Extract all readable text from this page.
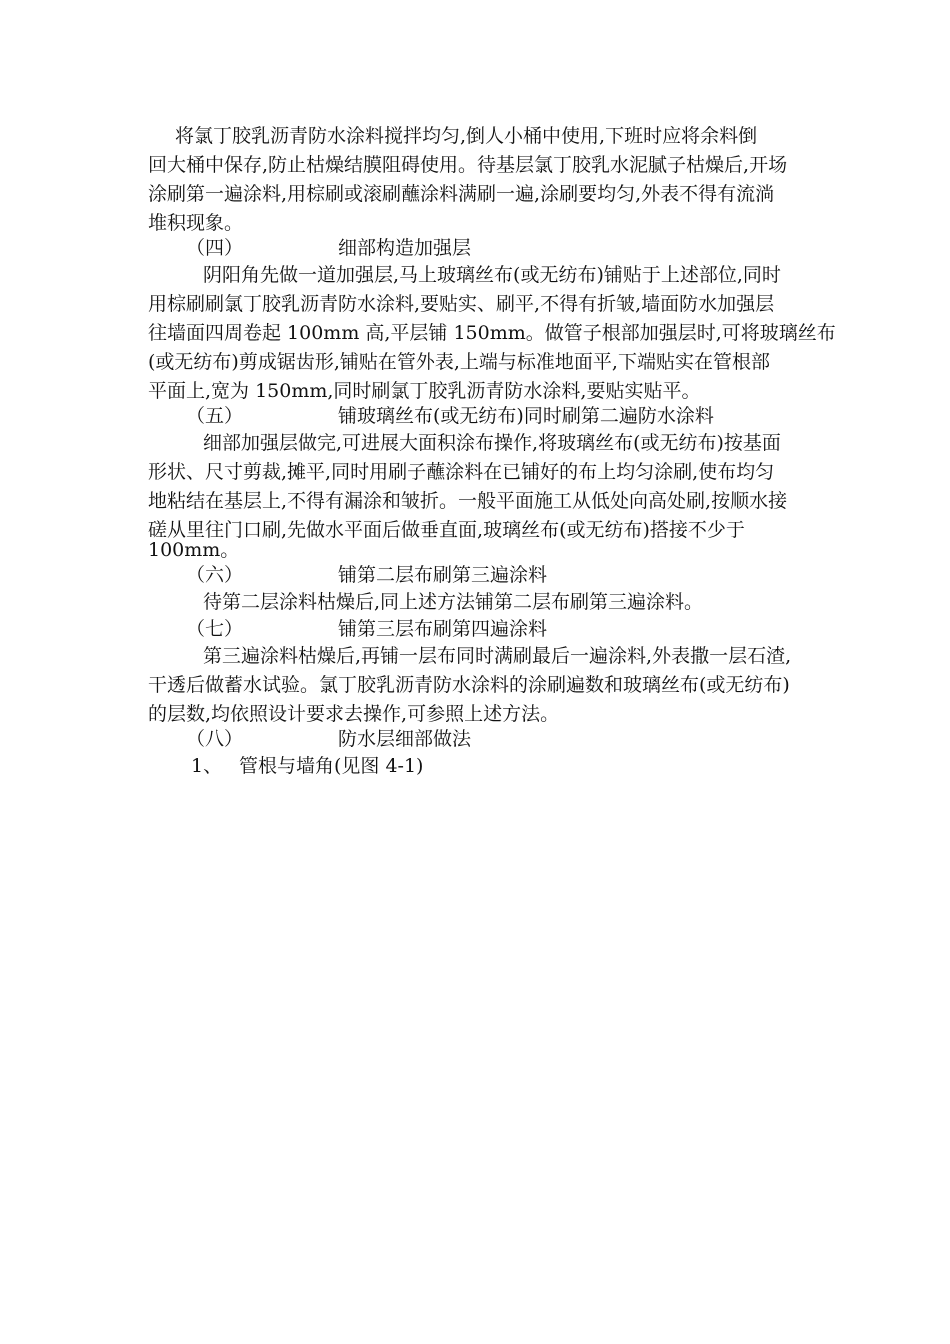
将氯丁胶乳沥青防水涂料搅拌均匀,倒人小桶中使用,下班时应将余料倒
回大桶中保存,防止枯燥结膜阻碍使用。待基层氯丁胶乳水泥腻子枯燥后,开场
涂刷第一遍涂料,用棕刷或滚刷蘸涂料满刷一遍,涂刷要均匀,外表不得有流淌
堆积现象。
（四）	细部构造加强层
阴阳角先做一道加强层,马上玻璃丝布(或无纺布)铺贴于上述部位,同时
用棕刷刷氯丁胶乳沥青防水涂料,要贴实、刷平,不得有折皱,墙面防水加强层
往墙面四周卷起 100mm 高,平层铺 150mm。做管子根部加强层时,可将玻璃丝布
(或无纺布)剪成锯齿形,铺贴在管外表,上端与标准地面平,下端贴实在管根部
平面上,宽为 150mm,同时刷氯丁胶乳沥青防水涂料,要贴实贴平。
（五）	铺玻璃丝布(或无纺布)同时刷第二遍防水涂料
细部加强层做完,可进展大面积涂布操作,将玻璃丝布(或无纺布)按基面
形状、尺寸剪裁,摊平,同时用刷子蘸涂料在已铺好的布上均匀涂刷,使布均匀
地粘结在基层上,不得有漏涂和皱折。一般平面施工从低处向高处刷,按顺水接
磋从里往门口刷,先做水平面后做垂直面,玻璃丝布(或无纺布)搭接不少于
100mm。
（六）	铺第二层布刷第三遍涂料
待第二层涂料枯燥后,同上述方法铺第二层布刷第三遍涂料。
（七）	铺第三层布刷第四遍涂料
第三遍涂料枯燥后,再铺一层布同时满刷最后一遍涂料,外表撒一层石渣,
干透后做蓄水试验。氯丁胶乳沥青防水涂料的涂刷遍数和玻璃丝布(或无纺布)
的层数,均依照设计要求去操作,可参照上述方法。
（八）	防水层细部做法
1、 管根与墙角(见图 4-1)
